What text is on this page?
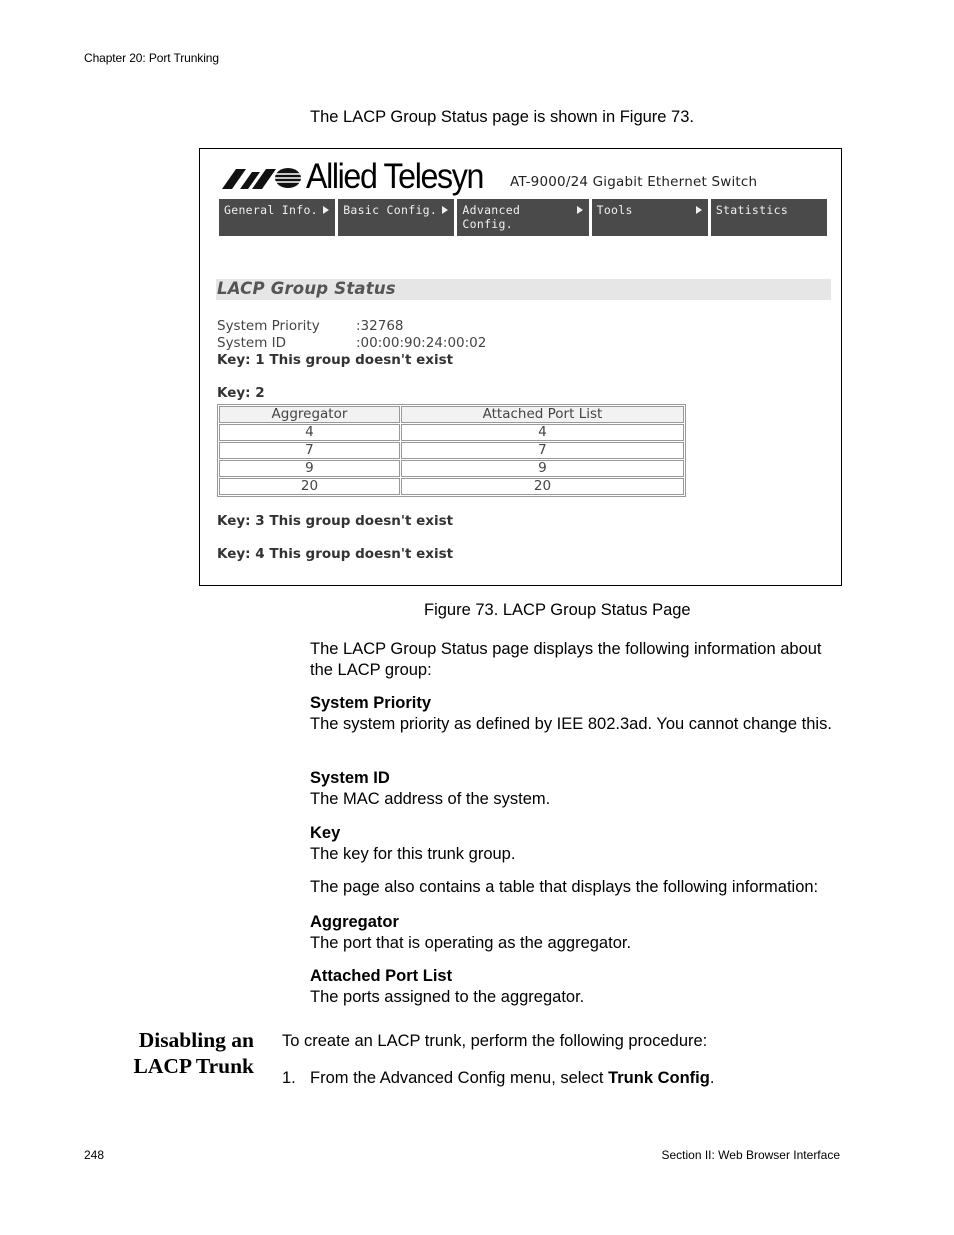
Chapter 20: Port Trunking
The LACP Group Status page is shown in Figure 73.
Allied Telesyn AT-9000/24 Gigabit Ethernet Switch
General Info.	Basic Config.	Advanced Config.
Tools	Statistics
LACP Group Status
System Priority	:32768
System ID	:00:00:90:24:00:02
Key: 1 This group doesn't exist
Key: 2
Aggregator	Attached Port List
4	4
7	7
9	9
20	20
Key: 3 This group doesn't exist
Key: 4 This group doesn't exist
Figure 73. LACP Group Status Page
The LACP Group Status page displays the following information about the LACP group:
System Priority
The system priority as defined by IEE 802.3ad. You cannot change this.
System ID
The MAC address of the system.
Key
The key for this trunk group.
The page also contains a table that displays the following information:
Aggregator
The port that is operating as the aggregator.
Attached Port List
The ports assigned to the aggregator.
Disabling an
LACP Trunk
To create an LACP trunk, perform the following procedure:
1. From the Advanced Config menu, select Trunk Config.
248	Section II: Web Browser Interface
